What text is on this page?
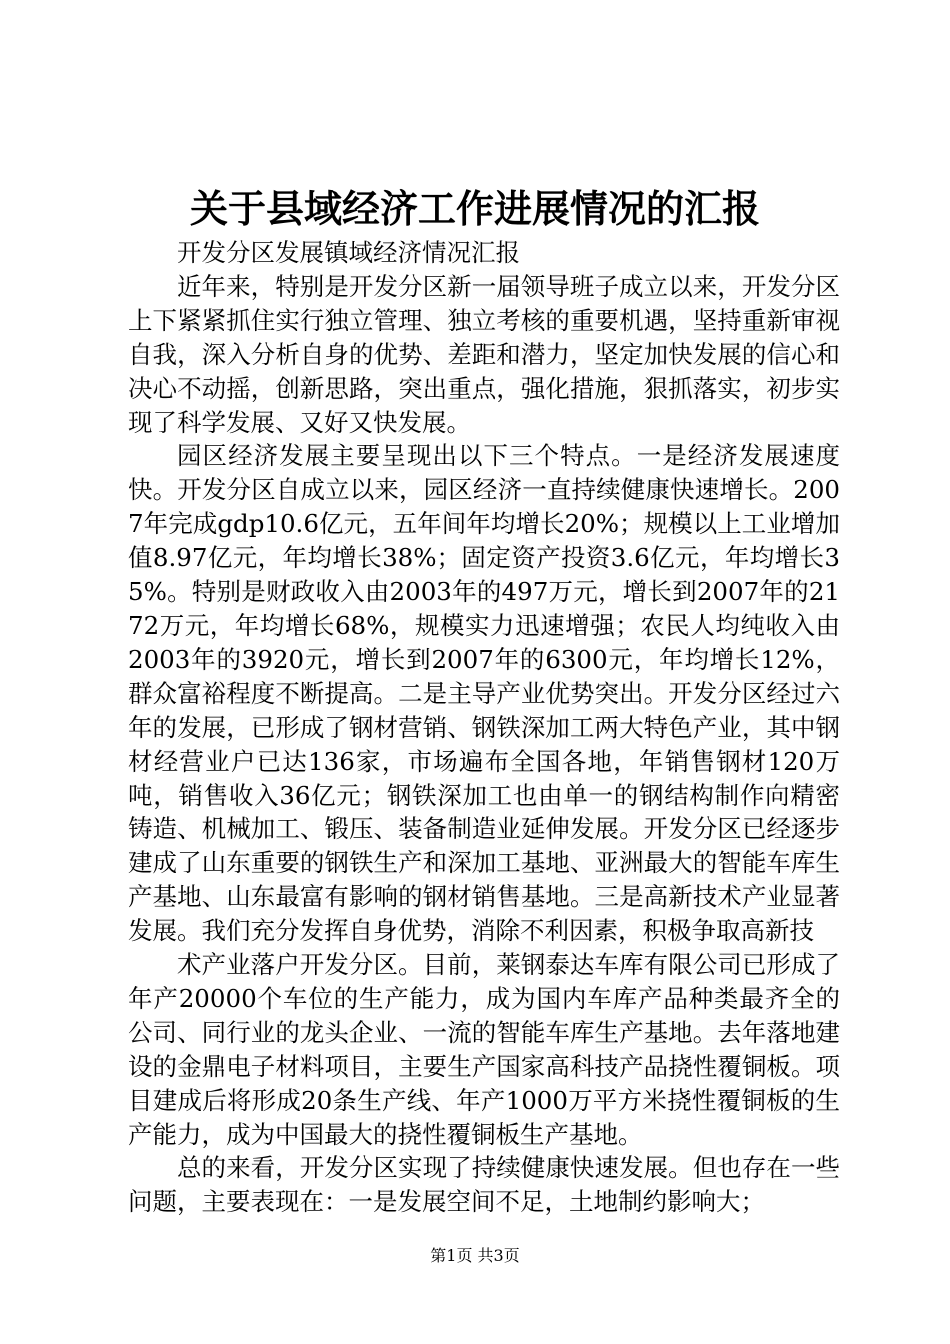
关于县域经济工作进展情况的汇报

开发分区发展镇域经济情况汇报

近年来，特别是开发分区新一届领导班子成立以来，开发分区上下紧紧抓住实行独立管理、独立考核的重要机遇，坚持重新审视自我，深入分析自身的优势、差距和潜力，坚定加快发展的信心和决心不动摇，创新思路，突出重点，强化措施，狠抓落实，初步实现了科学发展、又好又快发展。

园区经济发展主要呈现出以下三个特点。一是经济发展速度快。开发分区自成立以来，园区经济一直持续健康快速增长。2007年完成gdp10.6亿元，五年间年均增长20%；规模以上工业增加值8.97亿元，年均增长38%；固定资产投资3.6亿元，年均增长35%。特别是财政收入由2003年的497万元，增长到2007年的2172万元，年均增长68%，规模实力迅速增强；农民人均纯收入由2003年的3920元，增长到2007年的6300元，年均增长12%，群众富裕程度不断提高。二是主导产业优势突出。开发分区经过六年的发展，已形成了钢材营销、钢铁深加工两大特色产业，其中钢材经营业户已达136家，市场遍布全国各地，年销售钢材120万吨，销售收入36亿元；钢铁深加工也由单一的钢结构制作向精密铸造、机械加工、锻压、装备制造业延伸发展。开发分区已经逐步建成了山东重要的钢铁生产和深加工基地、亚洲最大的智能车库生产基地、山东最富有影响的钢材销售基地。三是高新技术产业显著发展。我们充分发挥自身优势，消除不利因素，积极争取高新技

术产业落户开发分区。目前，莱钢泰达车库有限公司已形成了年产20000个车位的生产能力，成为国内车库产品种类最齐全的公司、同行业的龙头企业、一流的智能车库生产基地。去年落地建设的金鼎电子材料项目，主要生产国家高科技产品挠性覆铜板。项目建成后将形成20条生产线、年产1000万平方米挠性覆铜板的生产能力，成为中国最大的挠性覆铜板生产基地。

总的来看，开发分区实现了持续健康快速发展。但也存在一些问题，主要表现在：一是发展空间不足，土地制约影响大；

第1页 共3页
